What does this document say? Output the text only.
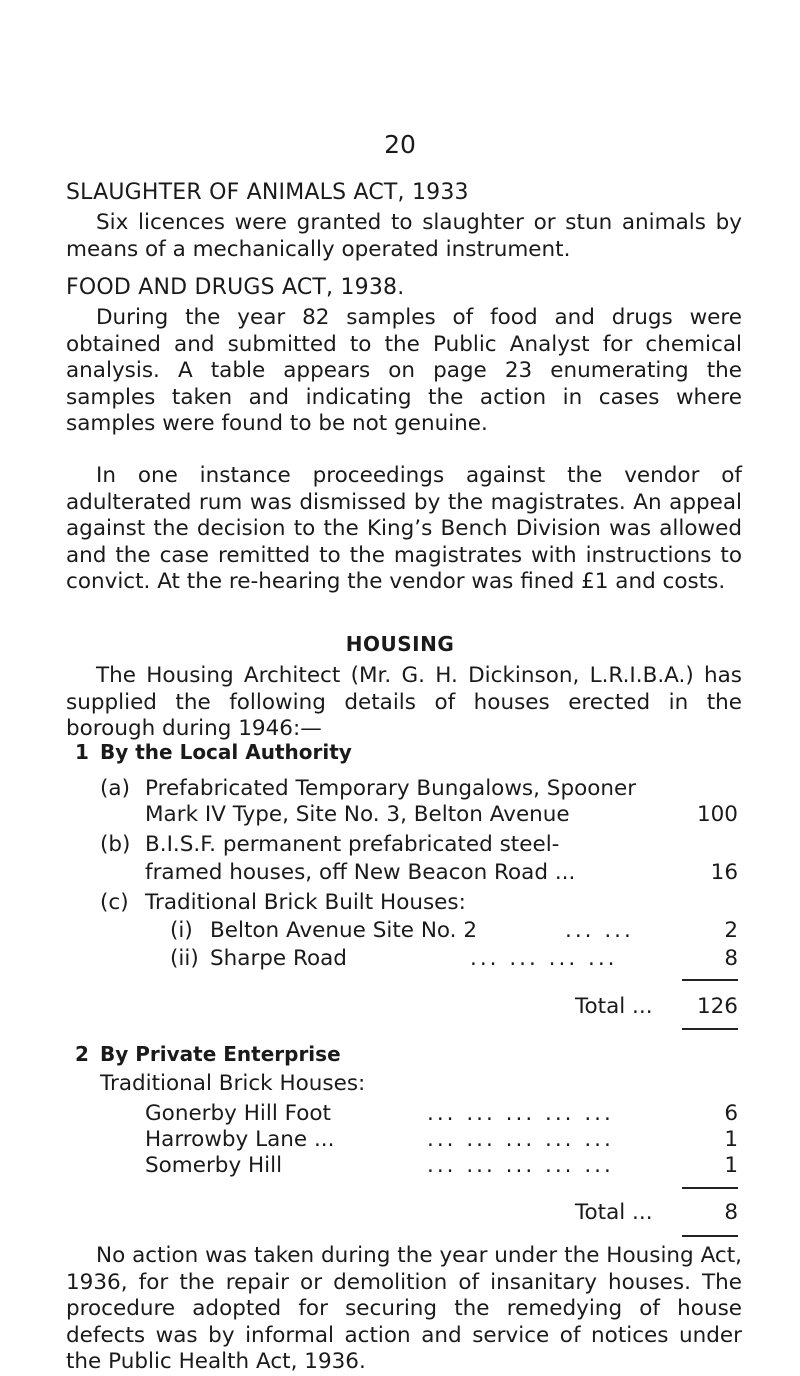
20
SLAUGHTER OF ANIMALS ACT, 1933
Six licences were granted to slaughter or stun animals by means of a mechanically operated instrument.
FOOD AND DRUGS ACT, 1938.
During the year 82 samples of food and drugs were obtained and submitted to the Public Analyst for chemical analysis. A table appears on page 23 enumerating the samples taken and indicating the action in cases where samples were found to be not genuine.
In one instance proceedings against the vendor of adulterated rum was dismissed by the magistrates. An appeal against the decision to the King’s Bench Division was allowed and the case remitted to the magistrates with instructions to convict. At the re-hearing the vendor was fined £1 and costs.
HOUSING
The Housing Architect (Mr. G. H. Dickinson, L.R.I.B.A.) has supplied the following details of houses erected in the borough during 1946:—
1 By the Local Authority
(a) Prefabricated Temporary Bungalows, Spooner
Mark IV Type, Site No. 3, Belton Avenue	100
(b) B.I.S.F. permanent prefabricated steel-
framed houses, off New Beacon Road ...	16
(c) Traditional Brick Built Houses:
(i) Belton Avenue Site No. 2	... ...	2
(ii) Sharpe Road	... ... ... ...	8
Total ...	126
2 By Private Enterprise
Traditional Brick Houses:
Gonerby Hill Foot	... ... ... ... ...	6
Harrowby Lane ...	... ... ... ... ...	1
Somerby Hill	... ... ... ... ...	1
Total ...	8
No action was taken during the year under the Housing Act, 1936, for the repair or demolition of insanitary houses. The procedure adopted for securing the remedying of house defects was by informal action and service of notices under the Public Health Act, 1936.
